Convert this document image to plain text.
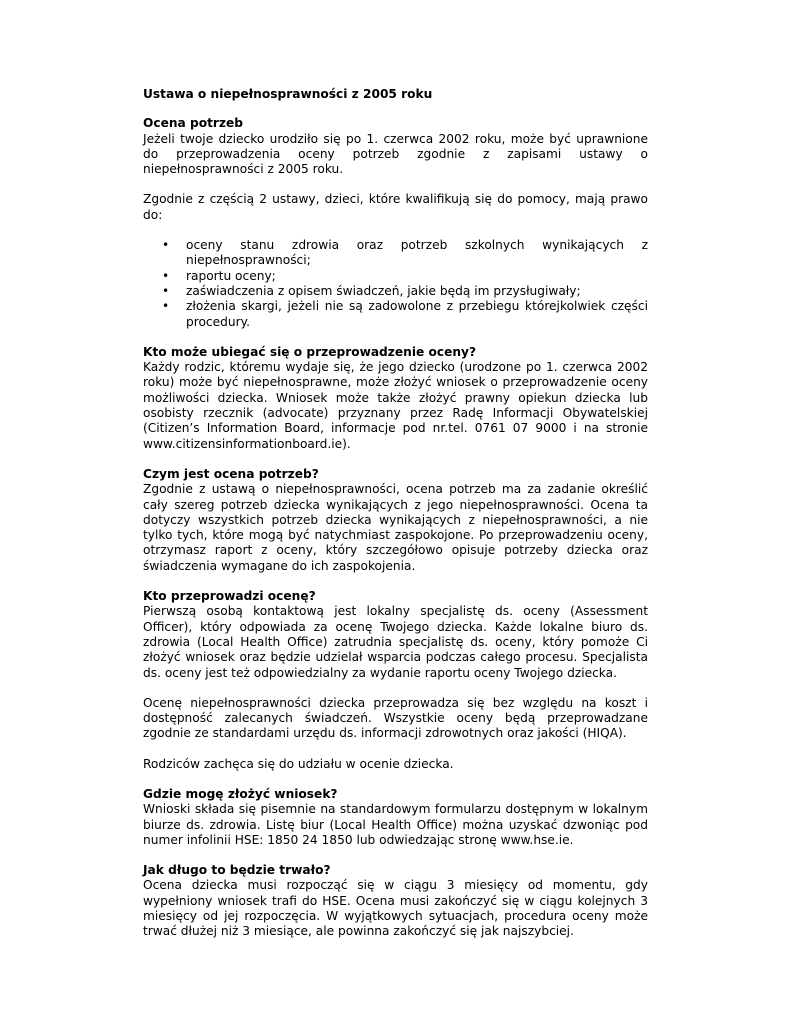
Ustawa o niepełnosprawności z 2005 roku
Ocena potrzeb

Jeżeli twoje dziecko urodziło się po 1. czerwca 2002 roku, może być uprawnione do przeprowadzenia oceny potrzeb zgodnie z zapisami ustawy o niepełnosprawności z 2005 roku.

Zgodnie z częścią 2 ustawy, dzieci, które kwalifikują się do pomocy, mają prawo do:

• oceny stanu zdrowia oraz potrzeb szkolnych wynikających z niepełnosprawności;
• raportu oceny;
• zaświadczenia z opisem świadczeń, jakie będą im przysługiwały;
• złożenia skargi, jeżeli nie są zadowolone z przebiegu którejkolwiek części procedury.
Kto może ubiegać się o przeprowadzenie oceny?

Każdy rodzic, któremu wydaje się, że jego dziecko (urodzone po 1. czerwca 2002 roku) może być niepełnosprawne, może złożyć wniosek o przeprowadzenie oceny możliwości dziecka. Wniosek może także złożyć prawny opiekun dziecka lub osobisty rzecznik (advocate) przyznany przez Radę Informacji Obywatelskiej (Citizen’s Information Board, informacje pod nr.tel. 0761 07 9000 i na stronie www.citizensinformationboard.ie).

Czym jest ocena potrzeb?

Zgodnie z ustawą o niepełnosprawności, ocena potrzeb ma za zadanie określić cały szereg potrzeb dziecka wynikających z jego niepełnosprawności. Ocena ta dotyczy wszystkich potrzeb dziecka wynikających z niepełnosprawności, a nie tylko tych, które mogą być natychmiast zaspokojone. Po przeprowadzeniu oceny, otrzymasz raport z oceny, który szczegółowo opisuje potrzeby dziecka oraz świadczenia wymagane do ich zaspokojenia.

Kto przeprowadzi ocenę?

Pierwszą osobą kontaktową jest lokalny specjalistę ds. oceny (Assessment Officer), który odpowiada za ocenę Twojego dziecka. Każde lokalne biuro ds. zdrowia (Local Health Office) zatrudnia specjalistę ds. oceny, który pomoże Ci złożyć wniosek oraz będzie udzielał wsparcia podczas całego procesu. Specjalista ds. oceny jest też odpowiedzialny za wydanie raportu oceny Twojego dziecka.

Ocenę niepełnosprawności dziecka przeprowadza się bez względu na koszt i dostępność zalecanych świadczeń. Wszystkie oceny będą przeprowadzane zgodnie ze standardami urzędu ds. informacji zdrowotnych oraz jakości (HIQA).

Rodziców zachęca się do udziału w ocenie dziecka.

Gdzie mogę złożyć wniosek?

Wnioski składa się pisemnie na standardowym formularzu dostępnym w lokalnym biurze ds. zdrowia. Listę biur (Local Health Office) można uzyskać dzwoniąc pod numer infolinii HSE: 1850 24 1850 lub odwiedzając stronę www.hse.ie.

Jak długo to będzie trwało?

Ocena dziecka musi rozpocząć się w ciągu 3 miesięcy od momentu, gdy wypełniony wniosek trafi do HSE. Ocena musi zakończyć się w ciągu kolejnych 3 miesięcy od jej rozpoczęcia. W wyjątkowych sytuacjach, procedura oceny może trwać dłużej niż 3 miesiące, ale powinna zakończyć się jak najszybciej.
